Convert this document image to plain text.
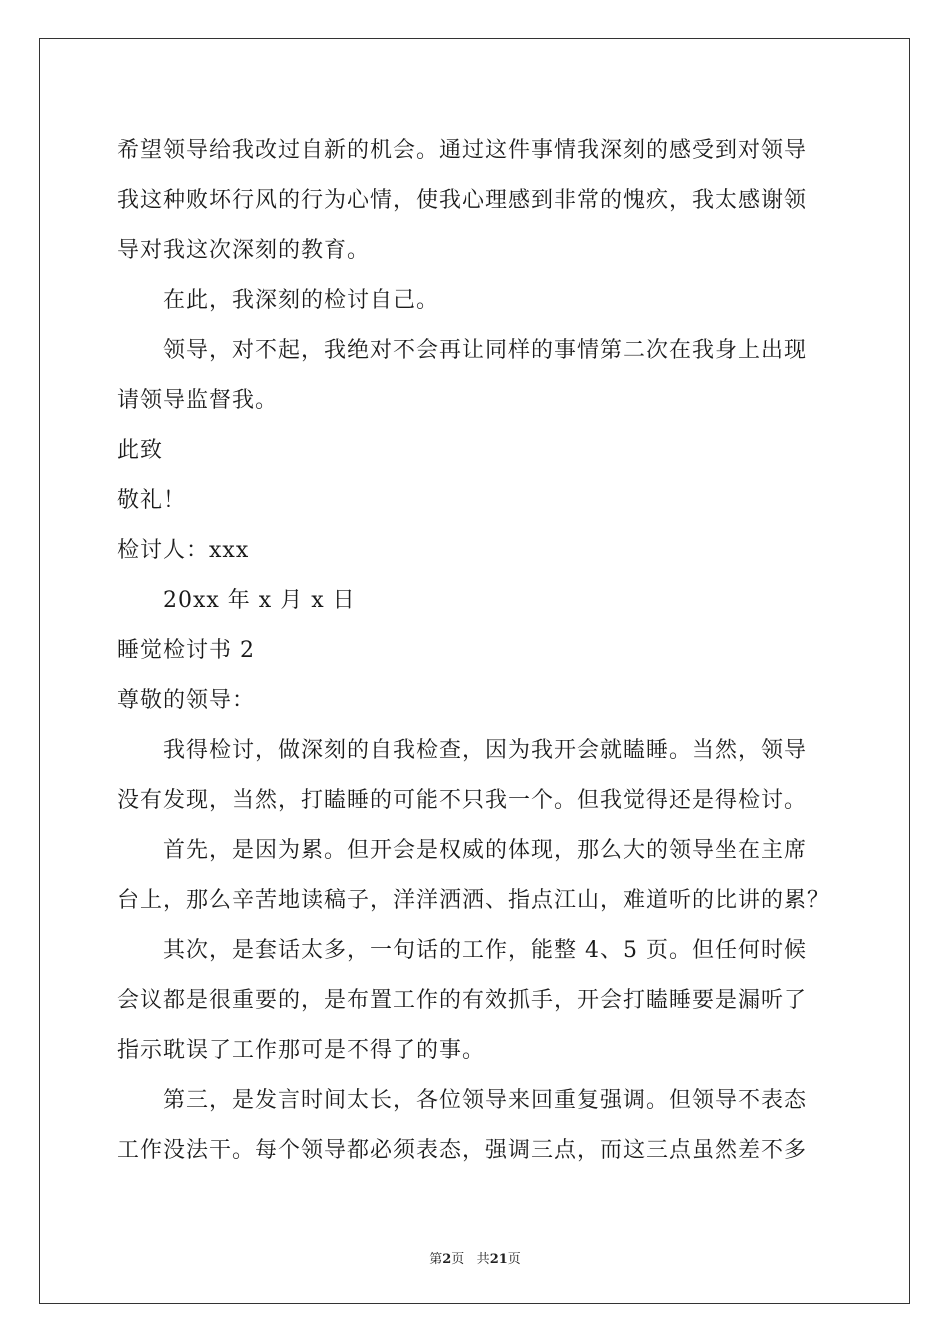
希望领导给我改过自新的机会。通过这件事情我深刻的感受到对领导
我这种败坏行风的行为心情，使我心理感到非常的愧疚，我太感谢领
导对我这次深刻的教育。
在此，我深刻的检讨自己。
领导，对不起，我绝对不会再让同样的事情第二次在我身上出现
请领导监督我。
此致
敬礼！
检讨人：xxx
20xx 年 x 月 x 日
睡觉检讨书 2
尊敬的领导：
我得检讨，做深刻的自我检查，因为我开会就瞌睡。当然，领导
没有发现，当然，打瞌睡的可能不只我一个。但我觉得还是得检讨。
首先，是因为累。但开会是权威的体现，那么大的领导坐在主席
台上，那么辛苦地读稿子，洋洋洒洒、指点江山，难道听的比讲的累？
其次，是套话太多，一句话的工作，能整 4、5 页。但任何时候
会议都是很重要的，是布置工作的有效抓手，开会打瞌睡要是漏听了
指示耽误了工作那可是不得了的事。
第三，是发言时间太长，各位领导来回重复强调。但领导不表态
工作没法干。每个领导都必须表态，强调三点，而这三点虽然差不多
第2页 共21页
